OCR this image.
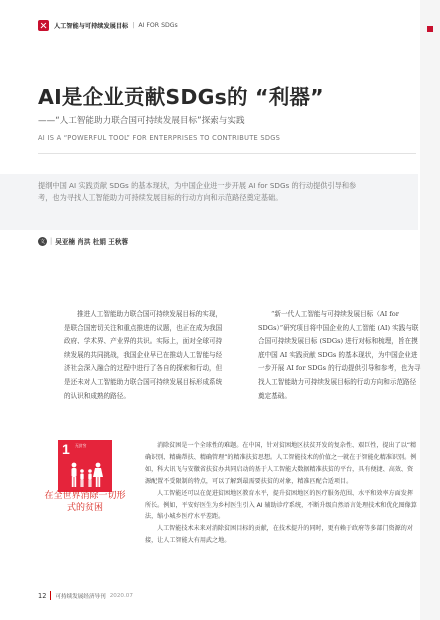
人工智能与可持续发展目标 | AI FOR SDGs
AI是企业贡献SDGs的 “利器”
——“人工智能助力联合国可持续发展目标”探索与实践
AI IS A “POWERFUL TOOL” FOR ENTERPRISES TO CONTRIBUTE SDGS

提纲中国 AI 实践贡献 SDGs 的基本现状，为中国企业进一步开展 AI for SDGs 的行动提供引导和参考，也为寻找人工智能助力可持续发展目标的行动方向和示范路径奠定基础。

文 | 吴亚楠 肖洪 杜娟 王秋蓉

推进人工智能助力联合国可持续发展目标的实现，是联合国密切关注和重点推进的议题，也正在成为我国政府、学术界、产业界的共识。实际上，面对全球可持续发展的共同挑战，我国企业早已在推动人工智能与经济社会深入融合的过程中进行了各自的探索和行动，但是还未对人工智能助力联合国可持续发展目标形成系统的认识和成熟的路径。

“新一代人工智能与可持续发展目标（AI for SDGs）”研究项目将中国企业的人工智能 (AI) 实践与联合国可持续发展目标 (SDGs) 进行对标和梳理，旨在摸底中国 AI 实践贡献 SDGs 的基本现状，为中国企业进一步开展 AI for SDGs 的行动提供引导和参考，也为寻找人工智能助力可持续发展目标的行动方向和示范路径奠定基础。

1 无贫穷
在全世界消除一切形式的贫困

消除贫困是一个全球性的难题。在中国，针对贫困地区扶贫开发的复杂性、艰巨性，提出了以“精确识别、精确帮扶、精确管理”的精准扶贫思想。人工智能技术的价值之一就在于智能化精准识别。例如，科大讯飞与安徽省扶贫办共同启动的基于人工智能大数据精准扶贫的平台，具有便捷、高效、资源配置不受限制的特点，可以了解到最需要扶贫的对象，精准匹配合适项目。

人工智能还可以在促进贫困地区教育水平，提升贫困地区的医疗服务范围、水平和效率方面发挥所长。例如，平安好医生为乡村医生引入 AI 辅助诊疗系统，不断升级自然语言处理技术和优化图像算法，缩小城乡医疗水平差距。

人工智能技术未来对消除贫困目标的贡献，在技术提升的同时，更有赖于政府等多部门资源的对接，让人工智能大有用武之地。

12 可持续发展经济导刊 2020.07
